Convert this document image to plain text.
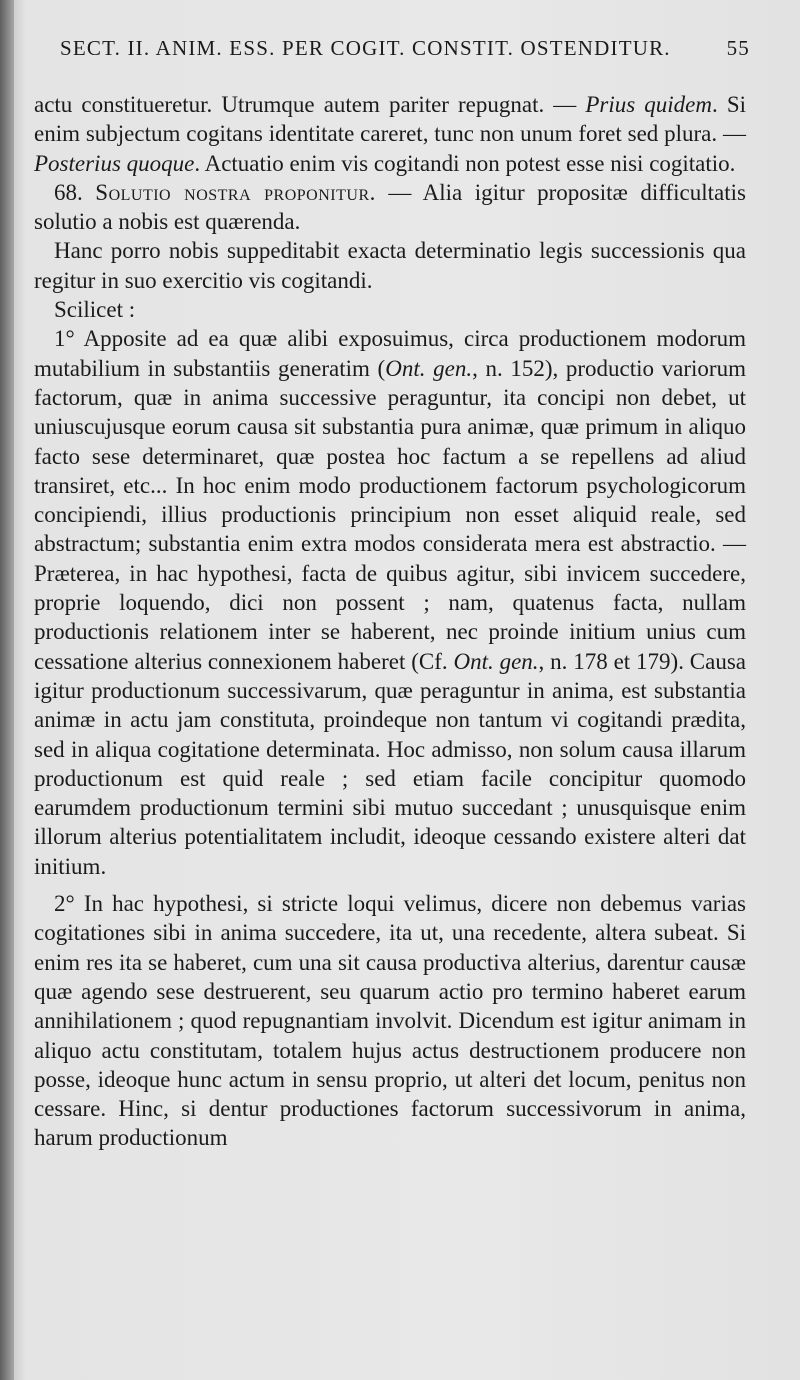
SECT. II. ANIM. ESS. PER COGIT. CONSTIT. OSTENDITUR.	55

actu constitueretur. Utrumque autem pariter repugnat. — Prius quidem. Si enim subjectum cogitans identitate careret, tunc non unum foret sed plura. — Posterius quoque. Actuatio enim vis cogitandi non potest esse nisi cogitatio.

68. Solutio nostra proponitur. — Alia igitur propositæ difficultatis solutio a nobis est quærenda.

Hanc porro nobis suppeditabit exacta determinatio legis successionis qua regitur in suo exercitio vis cogitandi.

Scilicet :

1° Apposite ad ea quæ alibi exposuimus, circa productionem modorum mutabilium in substantiis generatim (Ont. gen., n. 152), productio variorum factorum, quæ in anima successive peraguntur, ita concipi non debet, ut uniuscujusque eorum causa sit substantia pura animæ, quæ primum in aliquo facto sese determinaret, quæ postea hoc factum a se repellens ad aliud transiret, etc... In hoc enim modo productionem factorum psychologicorum concipiendi, illius productionis principium non esset aliquid reale, sed abstractum; substantia enim extra modos considerata mera est abstractio. — Præterea, in hac hypothesi, facta de quibus agitur, sibi invicem succedere, proprie loquendo, dici non possent ; nam, quatenus facta, nullam productionis relationem inter se haberent, nec proinde initium unius cum cessatione alterius connexionem haberet (Cf. Ont. gen., n. 178 et 179). Causa igitur productionum successivarum, quæ peraguntur in anima, est substantia animæ in actu jam constituta, proindeque non tantum vi cogitandi prædita, sed in aliqua cogitatione determinata. Hoc admisso, non solum causa illarum productionum est quid reale ; sed etiam facile concipitur quomodo earumdem productionum termini sibi mutuo succedant ; unusquisque enim illorum alterius potentialitatem includit, ideoque cessando existere alteri dat initium.

2° In hac hypothesi, si stricte loqui velimus, dicere non debemus varias cogitationes sibi in anima succedere, ita ut, una recedente, altera subeat. Si enim res ita se haberet, cum una sit causa productiva alterius, darentur causæ quæ agendo sese destruerent, seu quarum actio pro termino haberet earum annihilationem ; quod repugnantiam involvit. Dicendum est igitur animam in aliquo actu constitutam, totalem hujus actus destructionem producere non posse, ideoque hunc actum in sensu proprio, ut alteri det locum, penitus non cessare. Hinc, si dentur productiones factorum successivorum in anima, harum productionum
